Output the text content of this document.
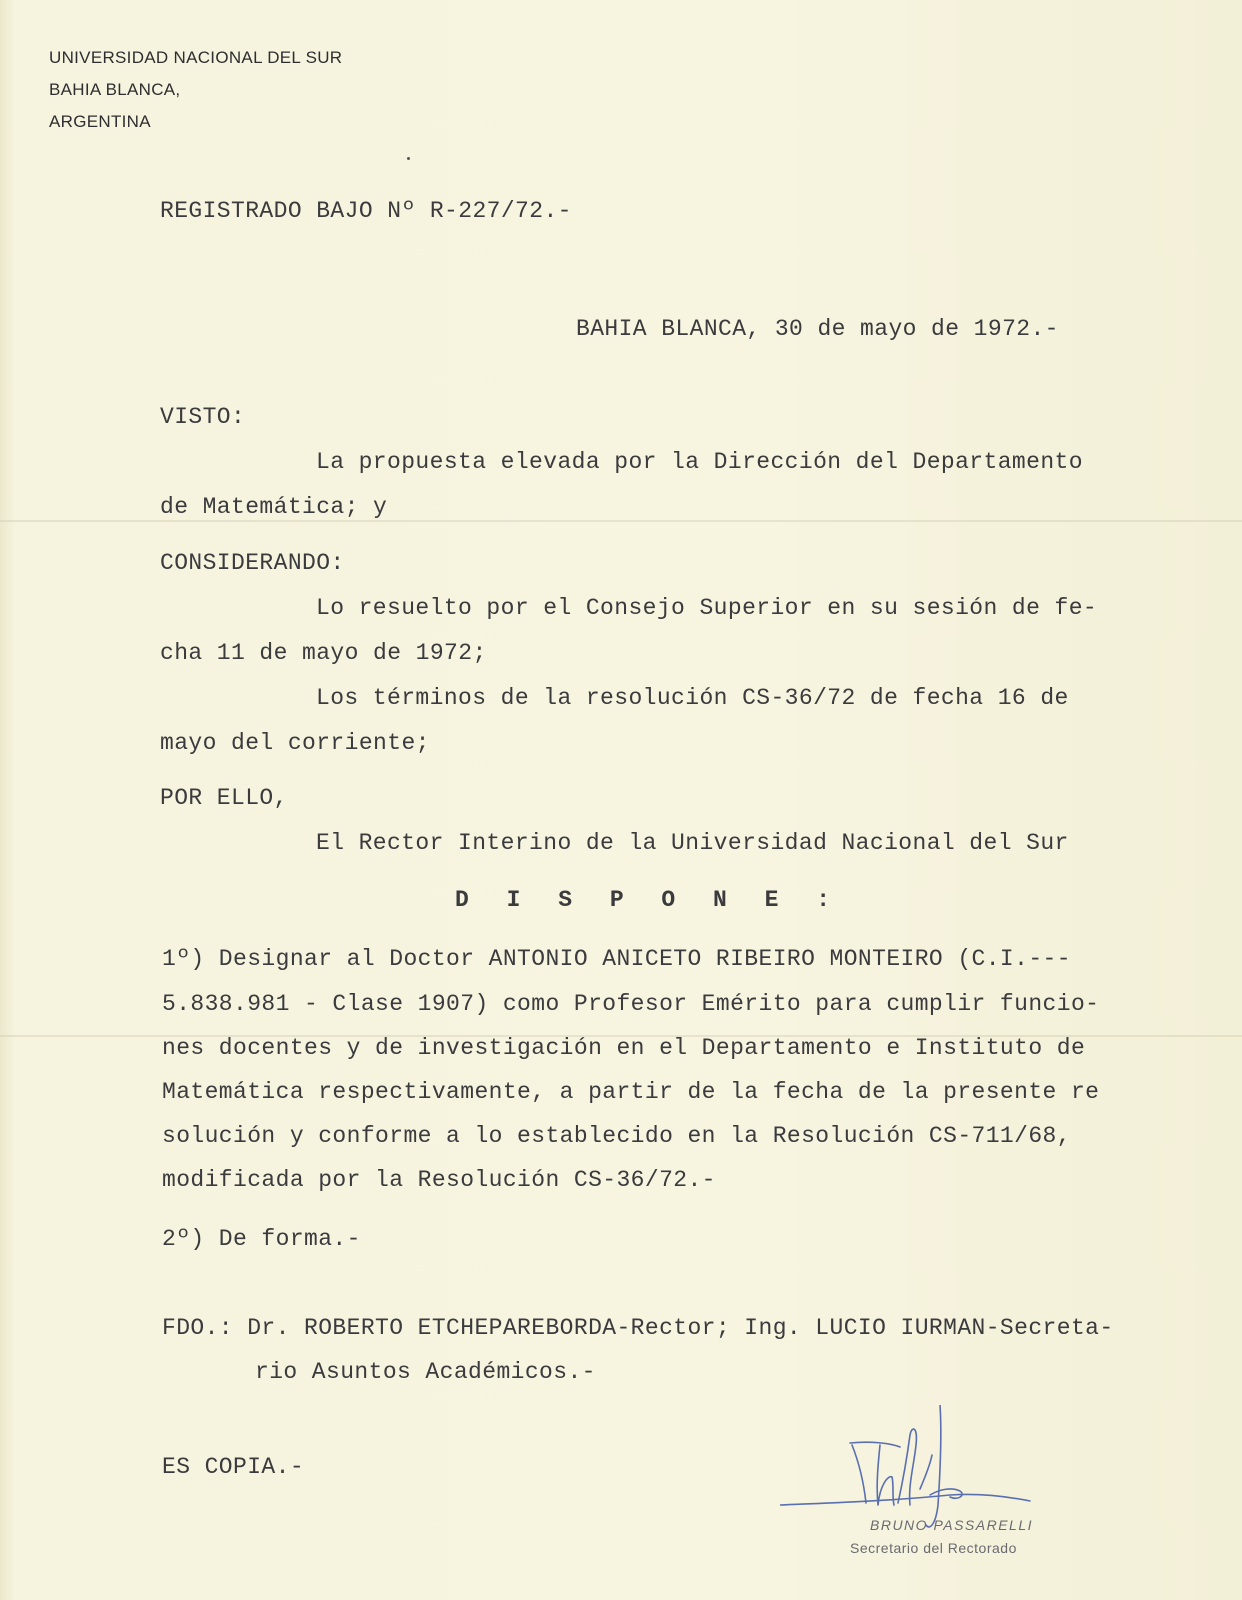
UNIVERSIDAD NACIONAL DEL SUR
BAHIA BLANCA,
ARGENTINA
REGISTRADO BAJO Nº R-227/72.-
BAHIA BLANCA, 30 de mayo de 1972.-
VISTO:
La propuesta elevada por la Dirección del Departamento
de Matemática; y
CONSIDERANDO:
Lo resuelto por el Consejo Superior en su sesión de fe-
cha 11 de mayo de 1972;
Los términos de la resolución CS-36/72 de fecha 16 de
mayo del corriente;
POR ELLO,
El Rector Interino de la Universidad Nacional del Sur
D I S P O N E :
1º) Designar al Doctor ANTONIO ANICETO RIBEIRO MONTEIRO (C.I.---
5.838.981 - Clase 1907) como Profesor Emérito para cumplir funcio-
nes docentes y de investigación en el Departamento e Instituto de
Matemática respectivamente, a partir de la fecha de la presente re
solución y conforme a lo establecido en la Resolución CS-711/68,
modificada por la Resolución CS-36/72.-
2º) De forma.-
FDO.: Dr. ROBERTO ETCHEPAREBORDA-Rector; Ing. LUCIO IURMAN-Secreta-
rio Asuntos Académicos.-
ES COPIA.-
BRUNO PASSARELLI
Secretario del Rectorado
